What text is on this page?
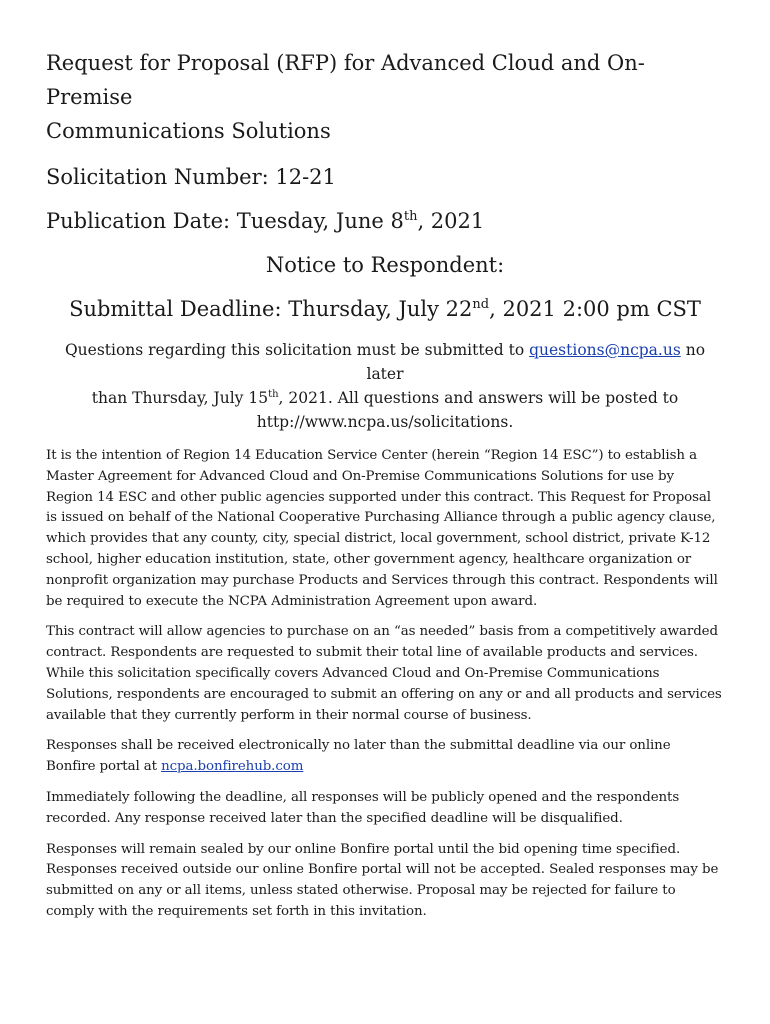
Request for Proposal (RFP) for Advanced Cloud and On-Premise
Communications Solutions

Solicitation Number: 12-21

Publication Date: Tuesday, June 8th, 2021

Notice to Respondent:

Submittal Deadline: Thursday, July 22nd, 2021 2:00 pm CST

Questions regarding this solicitation must be submitted to questions@ncpa.us no later
than Thursday, July 15th, 2021. All questions and answers will be posted to
http://www.ncpa.us/solicitations.

It is the intention of Region 14 Education Service Center (herein “Region 14 ESC”) to establish a Master Agreement for Advanced Cloud and On-Premise Communications Solutions for use by Region 14 ESC and other public agencies supported under this contract. This Request for Proposal is issued on behalf of the National Cooperative Purchasing Alliance through a public agency clause, which provides that any county, city, special district, local government, school district, private K-12 school, higher education institution, state, other government agency, healthcare organization or nonprofit organization may purchase Products and Services through this contract. Respondents will be required to execute the NCPA Administration Agreement upon award.

This contract will allow agencies to purchase on an “as needed” basis from a competitively awarded contract. Respondents are requested to submit their total line of available products and services. While this solicitation specifically covers Advanced Cloud and On-Premise Communications Solutions, respondents are encouraged to submit an offering on any or and all products and services available that they currently perform in their normal course of business.

Responses shall be received electronically no later than the submittal deadline via our online Bonfire portal at ncpa.bonfirehub.com

Immediately following the deadline, all responses will be publicly opened and the respondents recorded. Any response received later than the specified deadline will be disqualified.

Responses will remain sealed by our online Bonfire portal until the bid opening time specified. Responses received outside our online Bonfire portal will not be accepted. Sealed responses may be submitted on any or all items, unless stated otherwise. Proposal may be rejected for failure to comply with the requirements set forth in this invitation.
